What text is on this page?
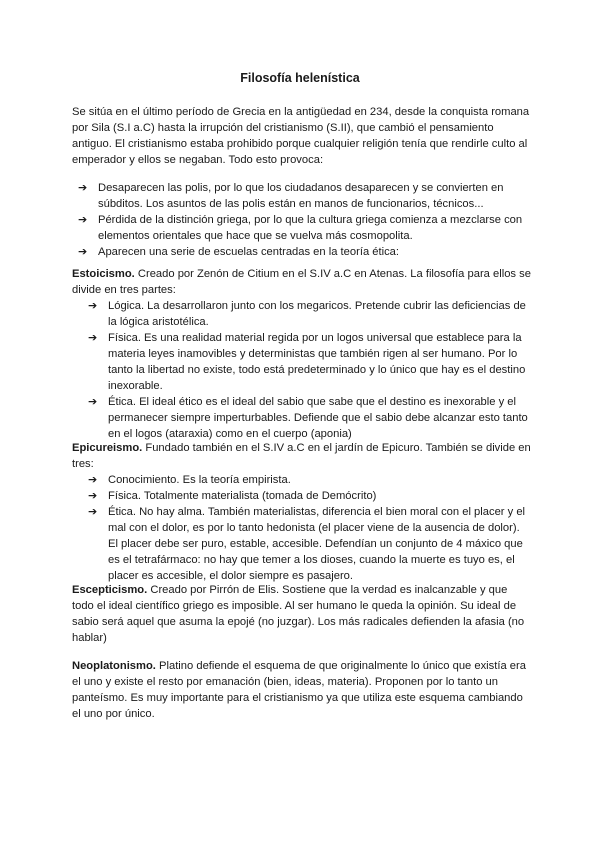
Filosofía helenística

Se sitúa en el último período de Grecia en la antigüedad en 234, desde la conquista romana por Sila (S.I a.C) hasta la irrupción del cristianismo (S.II), que cambió el pensamiento antiguo. El cristianismo estaba prohibido porque cualquier religión tenía que rendirle culto al emperador y ellos se negaban. Todo esto provoca:

➔ Desaparecen las polis, por lo que los ciudadanos desaparecen y se convierten en súbditos. Los asuntos de las polis están en manos de funcionarios, técnicos...
➔ Pérdida de la distinción griega, por lo que la cultura griega comienza a mezclarse con elementos orientales que hace que se vuelva más cosmopolita.
➔ Aparecen una serie de escuelas centradas en la teoría ética:

Estoicismo. Creado por Zenón de Citium en el S.IV a.C en Atenas. La filosofía para ellos se divide en tres partes:

➔ Lógica. La desarrollaron junto con los megaricos. Pretende cubrir las deficiencias de la lógica aristotélica.
➔ Física. Es una realidad material regida por un logos universal que establece para la materia leyes inamovibles y deterministas que también rigen al ser humano. Por lo tanto la libertad no existe, todo está predeterminado y lo único que hay es el destino inexorable.
➔ Ética. El ideal ético es el ideal del sabio que sabe que el destino es inexorable y el permanecer siempre imperturbables. Defiende que el sabio debe alcanzar esto tanto en el logos (ataraxia) como en el cuerpo (aponia)

Epicureismo. Fundado también en el S.IV a.C en el jardín de Epicuro. También se divide en tres:

➔ Conocimiento. Es la teoría empirista.
➔ Física. Totalmente materialista (tomada de Demócrito)
➔ Ética. No hay alma. También materialistas, diferencia el bien moral con el placer y el mal con el dolor, es por lo tanto hedonista (el placer viene de la ausencia de dolor). El placer debe ser puro, estable, accesible. Defendían un conjunto de 4 máxico que es el tetrafármaco: no hay que temer a los dioses, cuando la muerte es tuyo es, el placer es accesible, el dolor siempre es pasajero.

Escepticismo. Creado por Pirrón de Elis. Sostiene que la verdad es inalcanzable y que todo el ideal científico griego es imposible. Al ser humano le queda la opinión. Su ideal de sabio será aquel que asuma la epojé (no juzgar). Los más radicales defienden la afasia (no hablar)

Neoplatonismo. Platino defiende el esquema de que originalmente lo único que existía era el uno y existe el resto por emanación (bien, ideas, materia). Proponen por lo tanto un panteísmo. Es muy importante para el cristianismo ya que utiliza este esquema cambiando el uno por único.
